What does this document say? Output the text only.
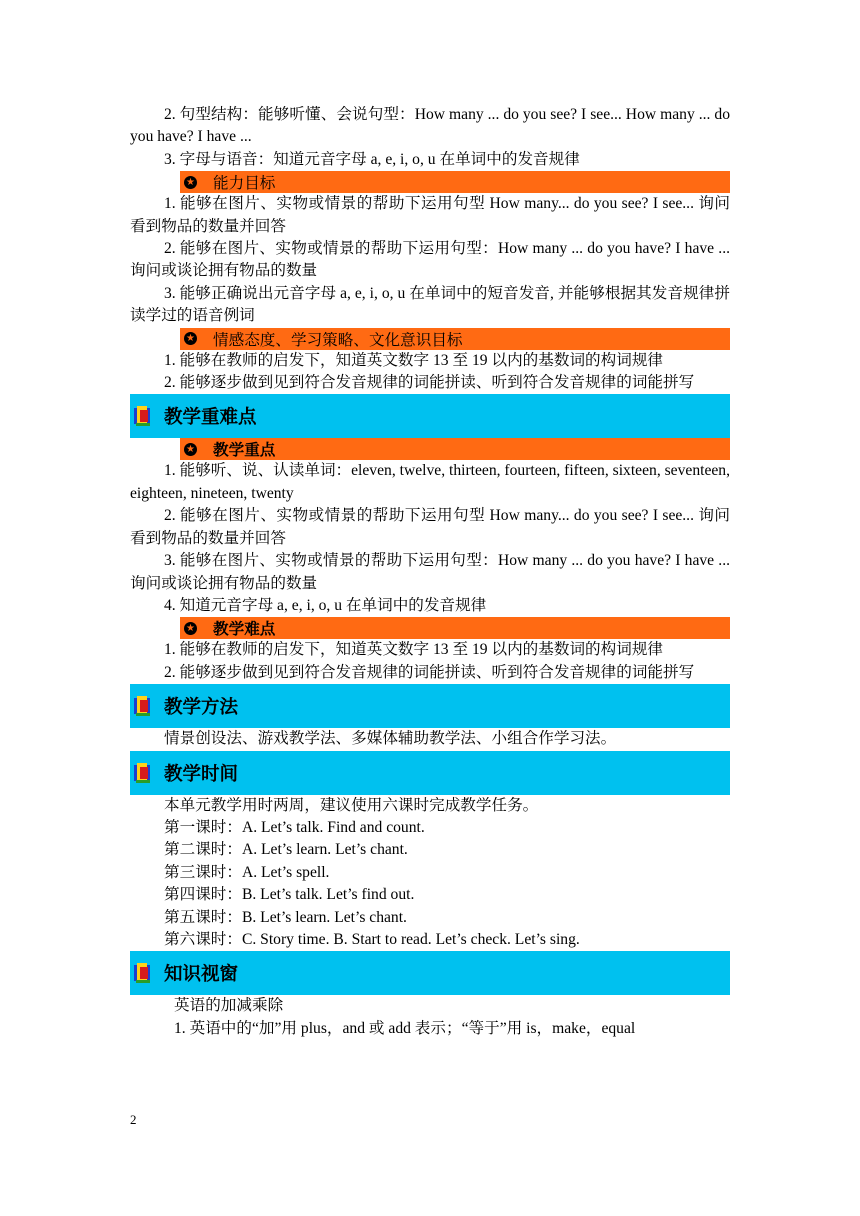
2. 句型结构：能够听懂、会说句型：How many ... do you see? I see... How many ... do you have? I have ...

3. 字母与语音：知道元音字母 a, e, i, o, u 在单词中的发音规律

★ 能力目标

1. 能够在图片、实物或情景的帮助下运用句型 How many... do you see? I see... 询问看到物品的数量并回答

2. 能够在图片、实物或情景的帮助下运用句型：How many ... do you have? I have ... 询问或谈论拥有物品的数量

3. 能够正确说出元音字母 a, e, i, o, u 在单词中的短音发音, 并能够根据其发音规律拼读学过的语音例词

★ 情感态度、学习策略、文化意识目标

1. 能够在教师的启发下，知道英文数字 13 至 19 以内的基数词的构词规律

2. 能够逐步做到见到符合发音规律的词能拼读、听到符合发音规律的词能拼写

教学重难点
★ 教学重点

1. 能够听、说、认读单词：eleven, twelve, thirteen, fourteen, fifteen, sixteen, seventeen, eighteen, nineteen, twenty

2. 能够在图片、实物或情景的帮助下运用句型 How many... do you see? I see... 询问看到物品的数量并回答

3. 能够在图片、实物或情景的帮助下运用句型：How many ... do you have? I have ... 询问或谈论拥有物品的数量

4. 知道元音字母 a, e, i, o, u 在单词中的发音规律

★ 教学难点

1. 能够在教师的启发下，知道英文数字 13 至 19 以内的基数词的构词规律

2. 能够逐步做到见到符合发音规律的词能拼读、听到符合发音规律的词能拼写

教学方法

情景创设法、游戏教学法、多媒体辅助教学法、小组合作学习法。

教学时间

本单元教学用时两周，建议使用六课时完成教学任务。

第一课时：A. Let’s talk. Find and count.

第二课时：A. Let’s learn. Let’s chant.

第三课时：A. Let’s spell.

第四课时：B. Let’s talk. Let’s find out.

第五课时：B. Let’s learn. Let’s chant.

第六课时：C. Story time. B. Start to read. Let’s check. Let’s sing.

知识视窗

英语的加减乘除

1. 英语中的“加”用 plus，and 或 add 表示；“等于”用 is，make，equal

2
